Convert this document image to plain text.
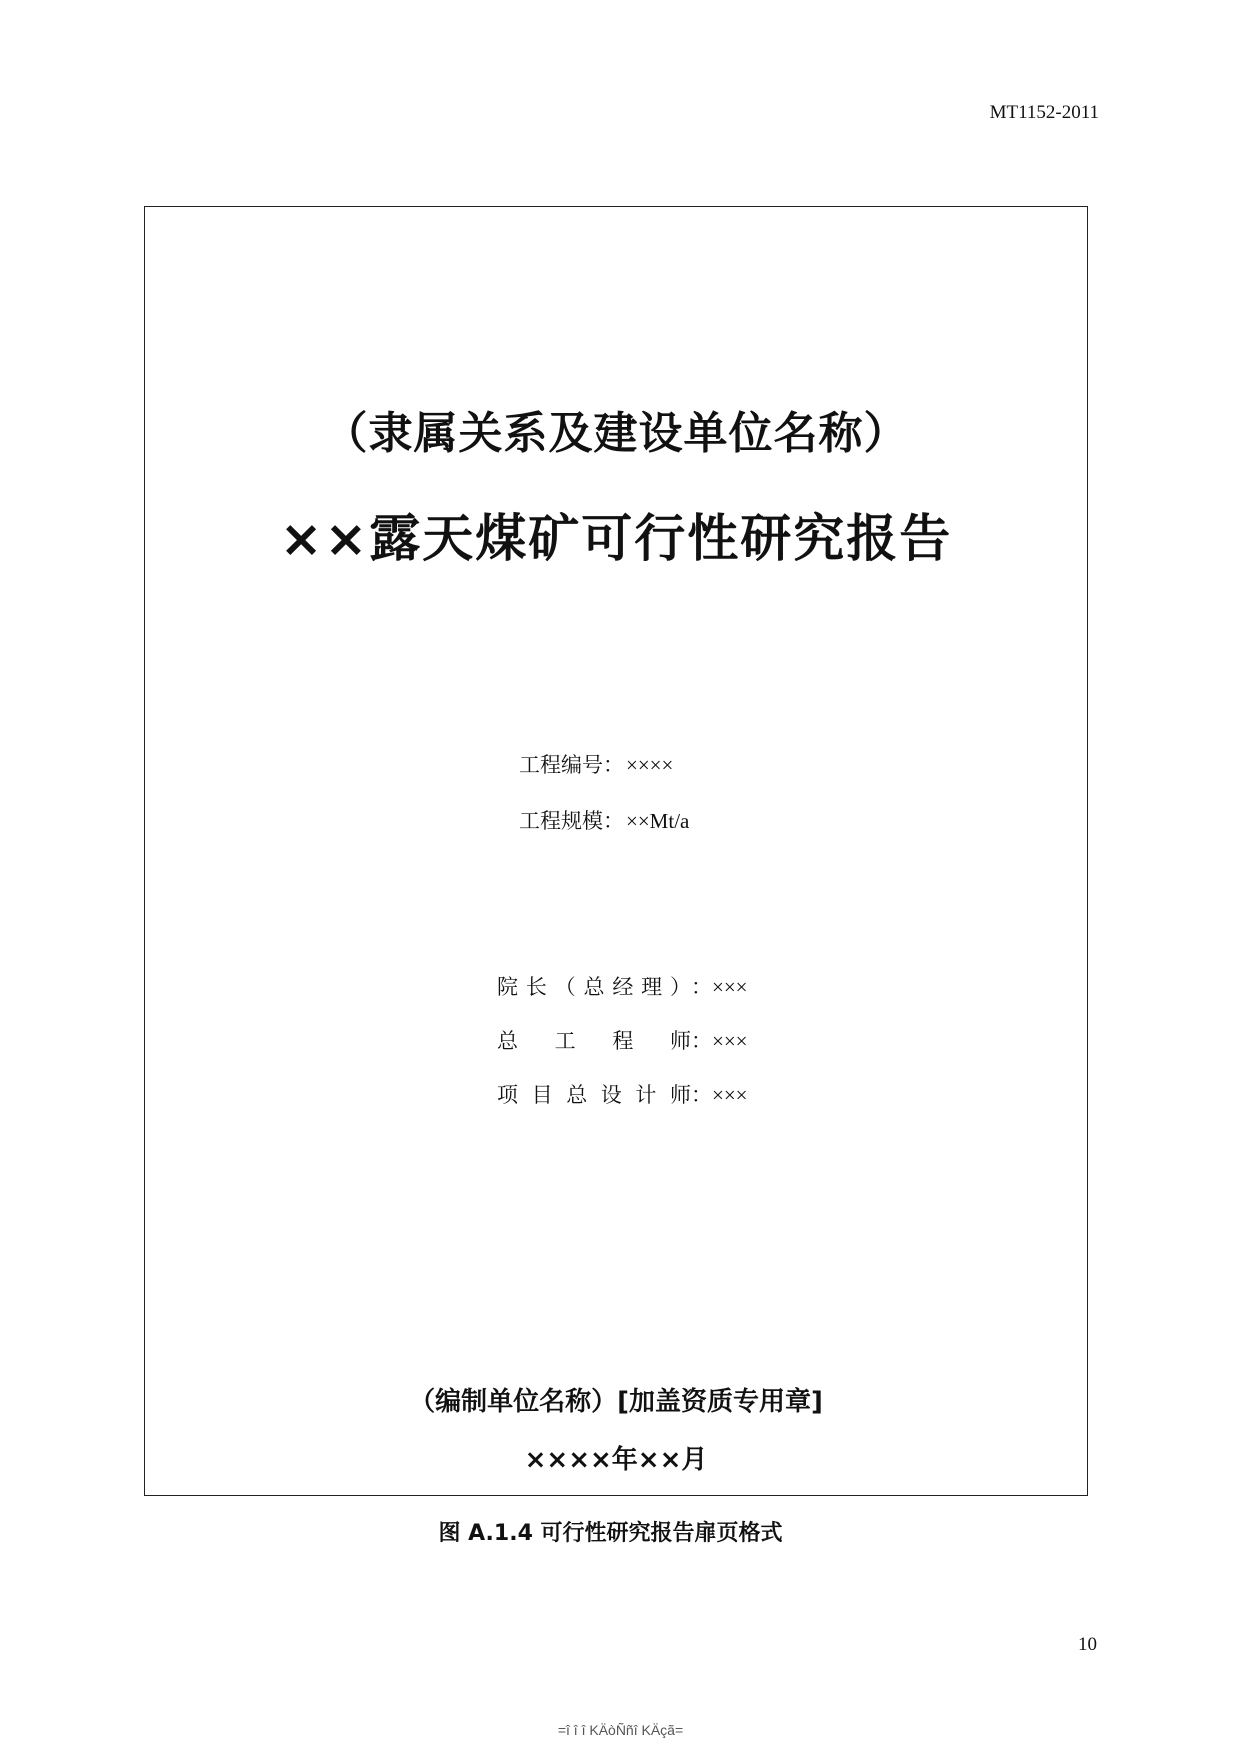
MT1152-2011
（隶属关系及建设单位名称）
××露天煤矿可行性研究报告
工程编号：××××
工程规模：××Mt/a
院长（总经理） ：×××
总工程师 ：×××
项目总设计师 ：×××
（编制单位名称）[加盖资质专用章]
××××年××月
图 A.1.4 可行性研究报告扉页格式
10
=î î î KÄòÑñî KÄçã=
